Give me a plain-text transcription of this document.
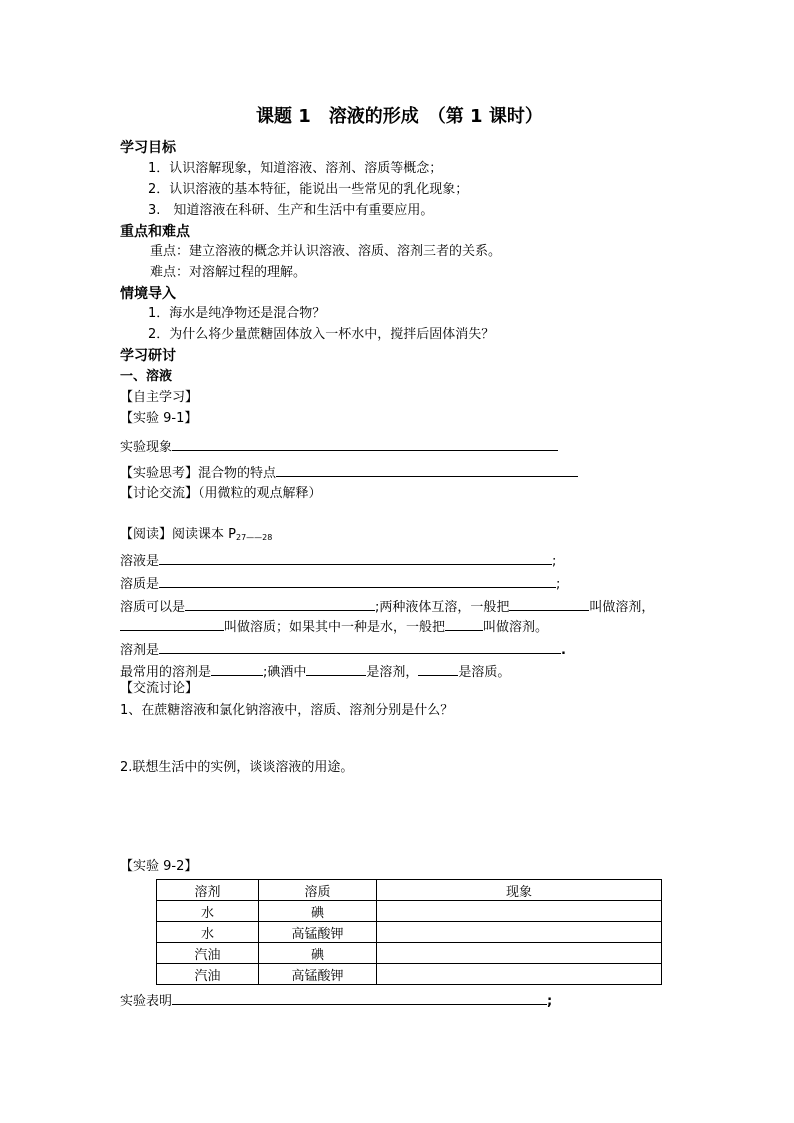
课题 1　溶液的形成　（第 1 课时）
学习目标
1．认识溶解现象，知道溶液、溶剂、溶质等概念；
2．认识溶液的基本特征，能说出一些常见的乳化现象；
3.　知道溶液在科研、生产和生活中有重要应用。
重点和难点
重点：建立溶液的概念并认识溶液、溶质、溶剂三者的关系。
难点：对溶解过程的理解。
情境导入
1．海水是纯净物还是混合物？
2．为什么将少量蔗糖固体放入一杯水中，搅拌后固体消失？
学习研讨
一、溶液
【自主学习】
【实验 9-1】
实验现象
【实验思考】混合物的特点
【讨论交流】（用微粒的观点解释）
【阅读】阅读课本 $P_{27——28}$
溶液是	;
溶质是	;
溶质可以是	;两种液体互溶，一般把	叫做溶剂，
叫做溶质；如果其中一种是水，一般把	叫做溶剂。
溶剂是	.
最常用的溶剂是	;碘酒中	是溶剂，	是溶质。
【交流讨论】
1、在蔗糖溶液和氯化钠溶液中，溶质、溶剂分别是什么？
2.联想生活中的实例，谈谈溶液的用途。
【实验 9-2】
溶剂	溶质	现象
水	碘	
水	高锰酸钾	
汽油	碘	
汽油	高锰酸钾	
实验表明	;
